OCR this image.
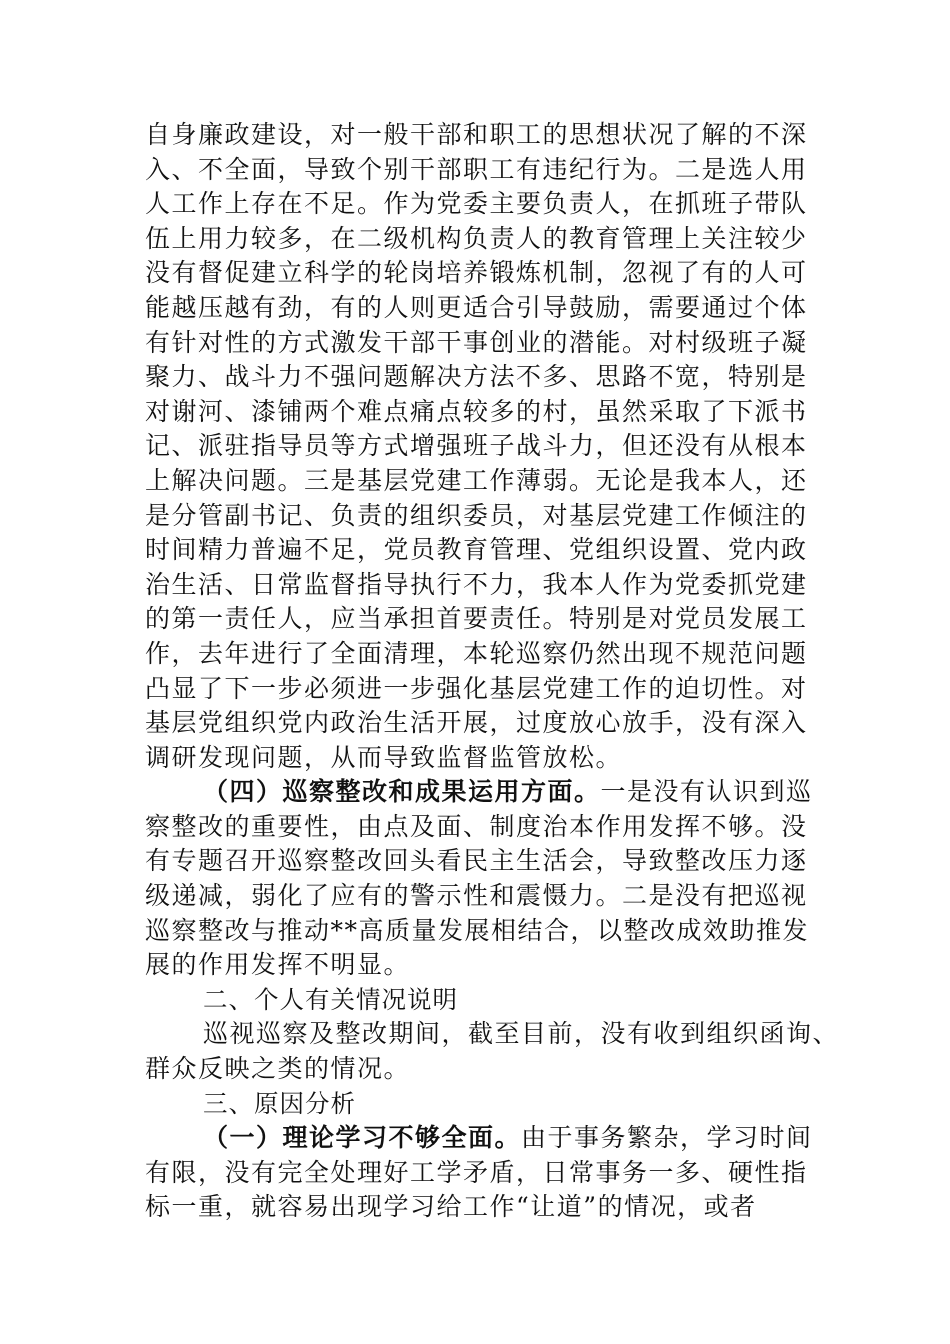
自身廉政建设，对一般干部和职工的思想状况了解的不深
入、不全面，导致个别干部职工有违纪行为。二是选人用
人工作上存在不足。作为党委主要负责人，在抓班子带队
伍上用力较多，在二级机构负责人的教育管理上关注较少
没有督促建立科学的轮岗培养锻炼机制，忽视了有的人可
能越压越有劲，有的人则更适合引导鼓励，需要通过个体
有针对性的方式激发干部干事创业的潜能。对村级班子凝
聚力、战斗力不强问题解决方法不多、思路不宽，特别是
对谢河、漆铺两个难点痛点较多的村，虽然采取了下派书
记、派驻指导员等方式增强班子战斗力，但还没有从根本
上解决问题。三是基层党建工作薄弱。无论是我本人，还
是分管副书记、负责的组织委员，对基层党建工作倾注的
时间精力普遍不足，党员教育管理、党组织设置、党内政
治生活、日常监督指导执行不力，我本人作为党委抓党建
的第一责任人，应当承担首要责任。特别是对党员发展工
作，去年进行了全面清理，本轮巡察仍然出现不规范问题
凸显了下一步必须进一步强化基层党建工作的迫切性。对
基层党组织党内政治生活开展，过度放心放手，没有深入
调研发现问题，从而导致监督监管放松。
（四）巡察整改和成果运用方面。一是没有认识到巡
察整改的重要性，由点及面、制度治本作用发挥不够。没
有专题召开巡察整改回头看民主生活会，导致整改压力逐
级递减，弱化了应有的警示性和震慑力。二是没有把巡视
巡察整改与推动**高质量发展相结合，以整改成效助推发
展的作用发挥不明显。
二、个人有关情况说明
巡视巡察及整改期间，截至目前，没有收到组织函询、
群众反映之类的情况。
三、原因分析
（一）理论学习不够全面。由于事务繁杂，学习时间
有限，没有完全处理好工学矛盾，日常事务一多、硬性指
标一重，就容易出现学习给工作“让道”的情况，或者
